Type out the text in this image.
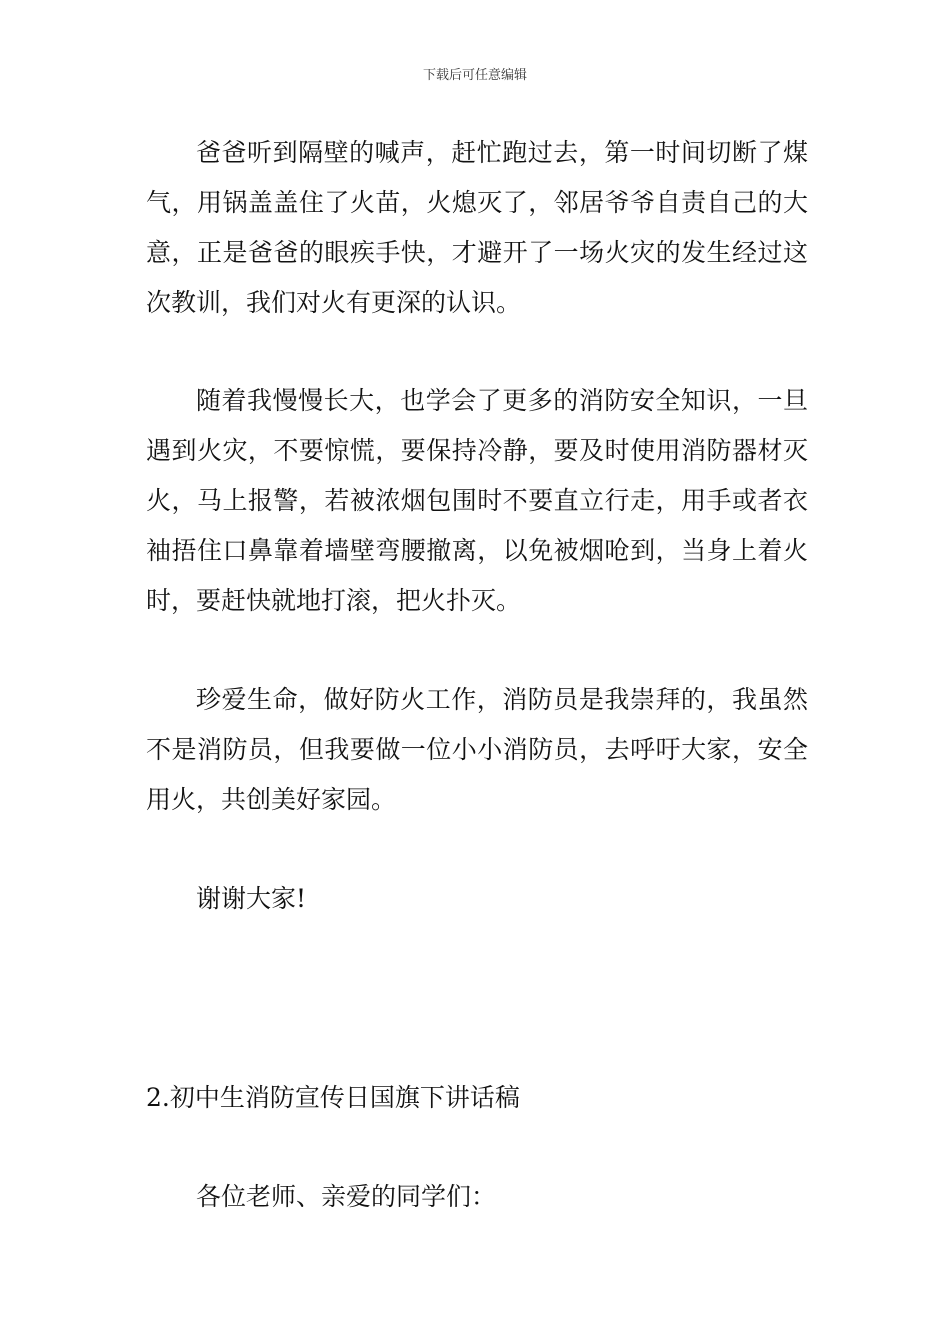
下载后可任意编辑

爸爸听到隔壁的喊声，赶忙跑过去，第一时间切断了煤气，用锅盖盖住了火苗，火熄灭了，邻居爷爷自责自己的大意，正是爸爸的眼疾手快，才避开了一场火灾的发生经过这次教训，我们对火有更深的认识。

随着我慢慢长大，也学会了更多的消防安全知识，一旦遇到火灾，不要惊慌，要保持冷静，要及时使用消防器材灭火，马上报警，若被浓烟包围时不要直立行走，用手或者衣袖捂住口鼻靠着墙壁弯腰撤离，以免被烟呛到，当身上着火时，要赶快就地打滚，把火扑灭。

珍爱生命，做好防火工作，消防员是我崇拜的，我虽然不是消防员，但我要做一位小小消防员，去呼吁大家，安全用火，共创美好家园。

谢谢大家!

2.初中生消防宣传日国旗下讲话稿

各位老师、亲爱的同学们：
